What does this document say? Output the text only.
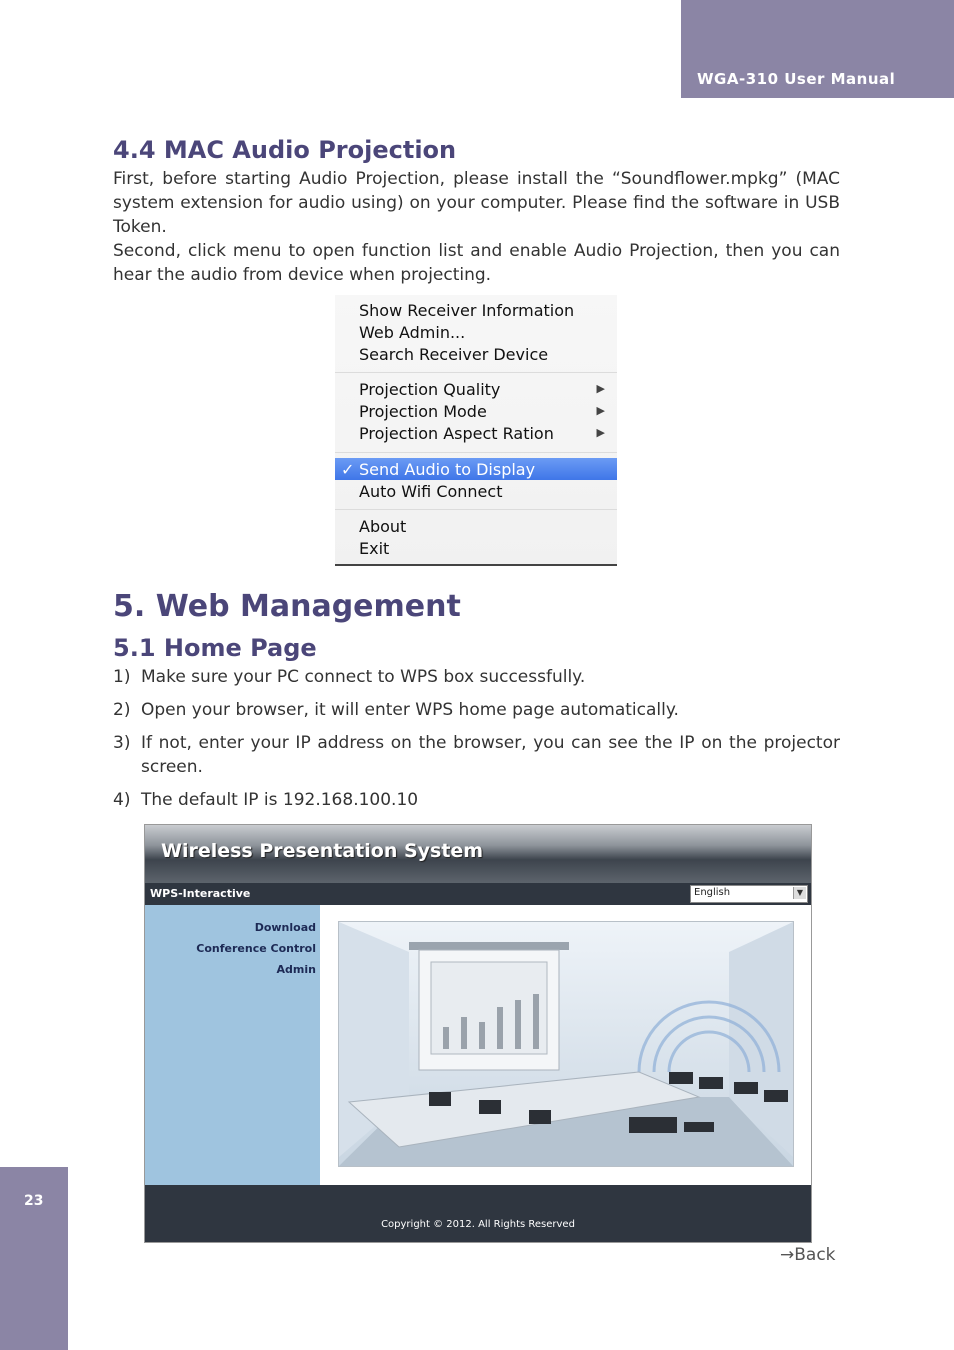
WGA-310 User Manual
4.4 MAC Audio Projection
First, before starting Audio Projection, please install the “Soundflower.mpkg” (MAC system extension for audio using) on your computer. Please find the software in USB Token.
Second, click menu to open function list and enable Audio Projection, then you can hear the audio from device when projecting.
Show Receiver Information
Web Admin...
Search Receiver Device
Projection Quality	▶
Projection Mode	▶
Projection Aspect Ration	▶
✓ Send Audio to Display
Auto Wifi Connect
About
Exit
5. Web Management
5.1 Home Page
1) Make sure your PC connect to WPS box successfully.
2) Open your browser, it will enter WPS home page automatically.
3) If not, enter your IP address on the browser, you can see the IP on the projector screen.
4) The default IP is 192.168.100.10
Wireless Presentation System
WPS-Interactive	English	▼
Download
Conference Control
Admin
Copyright © 2012. All Rights Reserved
→Back
23
